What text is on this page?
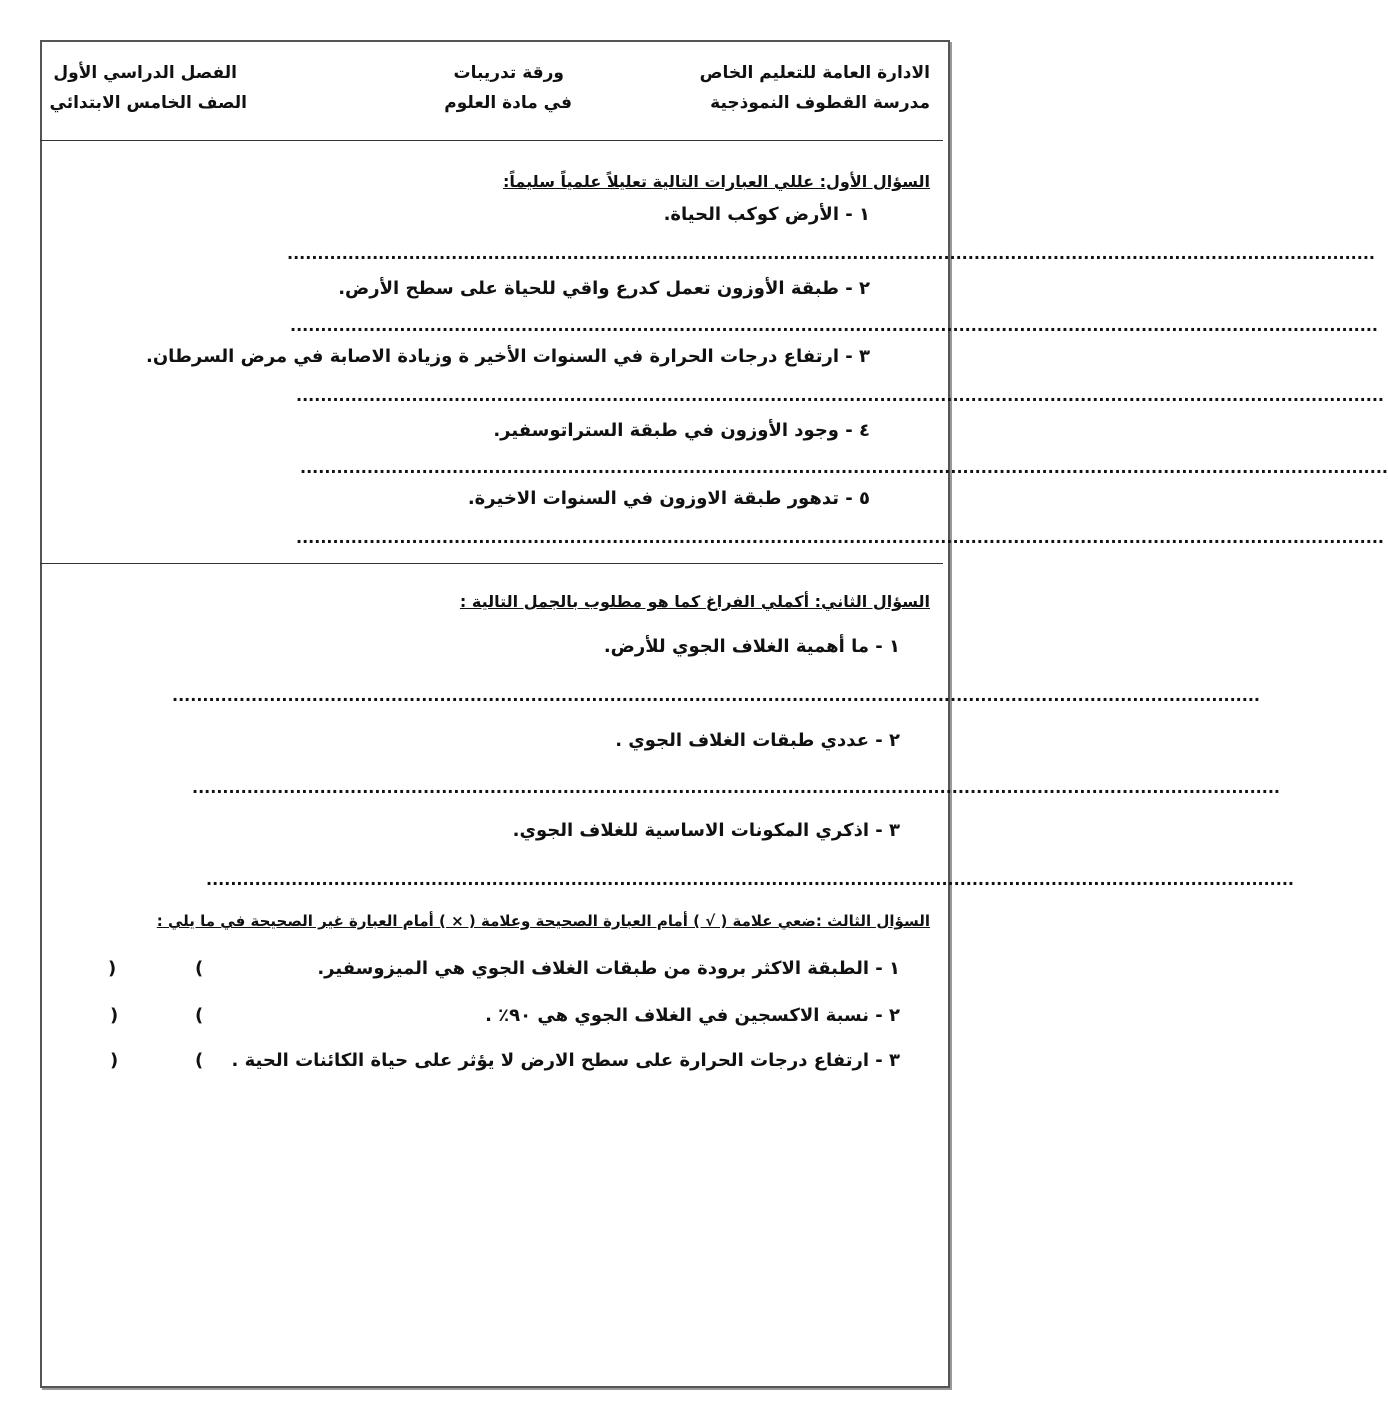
الادارة العامة للتعليم الخاص
مدرسة القطوف النموذجية
ورقة تدريبات
في مادة العلوم
الفصل الدراسي الأول
الصف الخامس الابتدائي
السؤال الأول: عللي العبارات التالية تعليلاً علمياً سليماً:
١ - الأرض كوكب الحياة.
...................................................................................................................................................................................
٢ - طبقة الأوزون تعمل كدرع واقي للحياة على سطح الأرض.
...................................................................................................................................................................................
٣ - ارتفاع درجات الحرارة في السنوات الأخير ة وزيادة الاصابة في مرض السرطان.
...................................................................................................................................................................................
٤ - وجود الأوزون في طبقة الستراتوسفير.
...................................................................................................................................................................................
٥ - تدهور طبقة الاوزون في السنوات الاخيرة.
...................................................................................................................................................................................
السؤال الثاني: أكملي الفراغ كما هو مطلوب بالجمل التالية :
١ - ما أهمية الغلاف الجوي للأرض.
...................................................................................................................................................................................
٢ - عددي طبقات الغلاف الجوي .
...................................................................................................................................................................................
٣ - اذكري المكونات الاساسية للغلاف الجوي.
...................................................................................................................................................................................
السؤال الثالث :ضعي علامة ( √ ) أمام العبارة الصحيحة وعلامة ( × ) أمام العبارة غير الصحيحة في ما يلي :
١ - الطبقة الاكثر برودة من طبقات الغلاف الجوي هي الميزوسفير.
(
)
٢ - نسبة الاكسجين في الغلاف الجوي هي ٩٠٪ .
(
)
٣ - ارتفاع درجات الحرارة على سطح الارض لا يؤثر على حياة الكائنات الحية .
(
)
